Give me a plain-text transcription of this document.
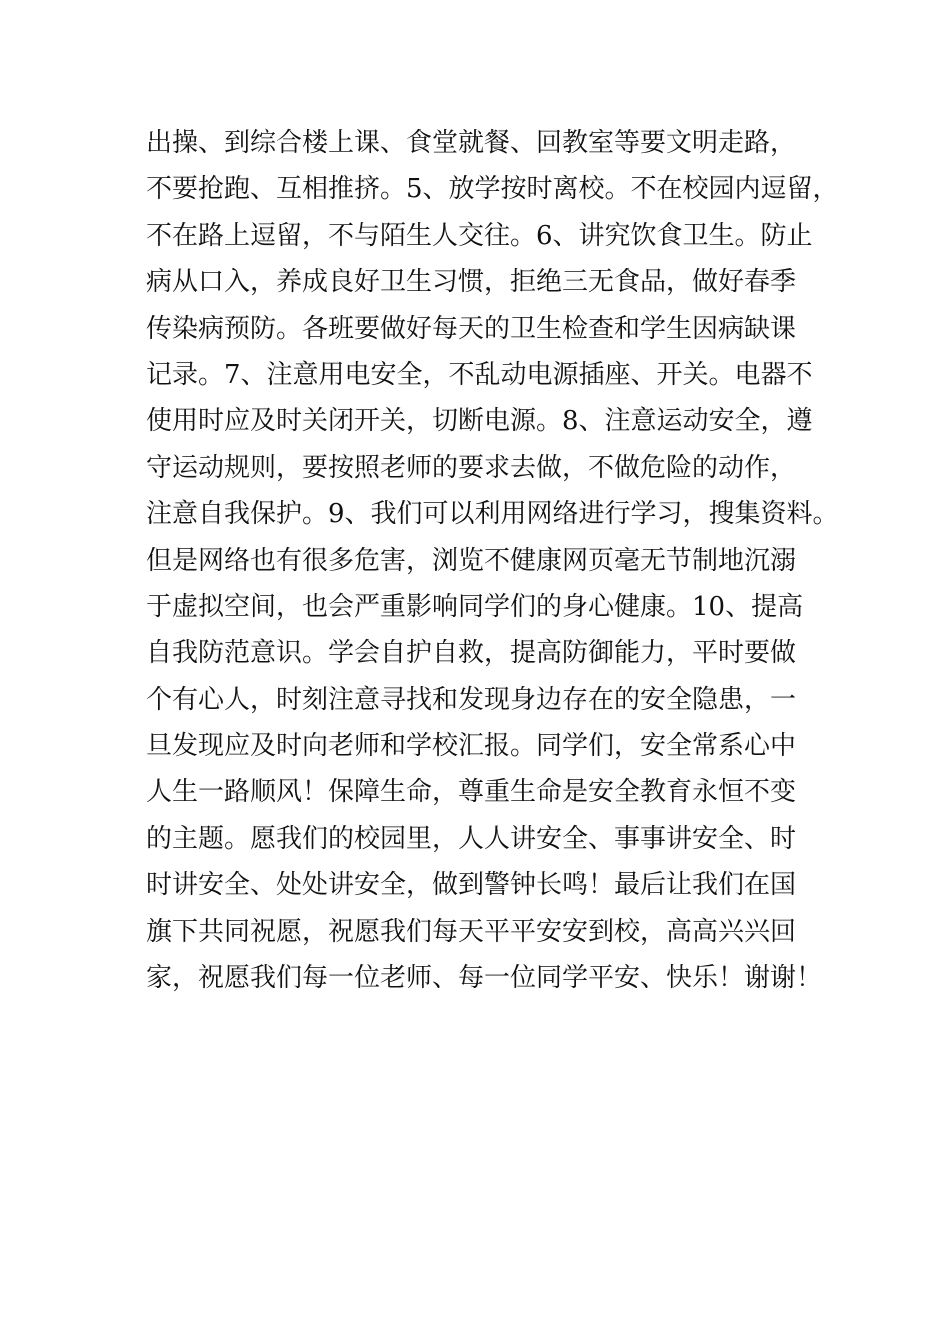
出操、到综合楼上课、食堂就餐、回教室等要文明走路，
不要抢跑、互相推挤。5、放学按时离校。不在校园内逗留，
不在路上逗留，不与陌生人交往。6、讲究饮食卫生。防止
病从口入，养成良好卫生习惯，拒绝三无食品，做好春季
传染病预防。各班要做好每天的卫生检查和学生因病缺课
记录。7、注意用电安全，不乱动电源插座、开关。电器不
使用时应及时关闭开关，切断电源。8、注意运动安全，遵
守运动规则，要按照老师的要求去做，不做危险的动作，
注意自我保护。9、我们可以利用网络进行学习，搜集资料。
但是网络也有很多危害，浏览不健康网页毫无节制地沉溺
于虚拟空间，也会严重影响同学们的身心健康。10、提高
自我防范意识。学会自护自救，提高防御能力，平时要做
个有心人，时刻注意寻找和发现身边存在的安全隐患，一
旦发现应及时向老师和学校汇报。同学们，安全常系心中
人生一路顺风！保障生命，尊重生命是安全教育永恒不变
的主题。愿我们的校园里，人人讲安全、事事讲安全、时
时讲安全、处处讲安全，做到警钟长鸣！最后让我们在国
旗下共同祝愿，祝愿我们每天平平安安到校，高高兴兴回
家，祝愿我们每一位老师、每一位同学平安、快乐！谢谢！
